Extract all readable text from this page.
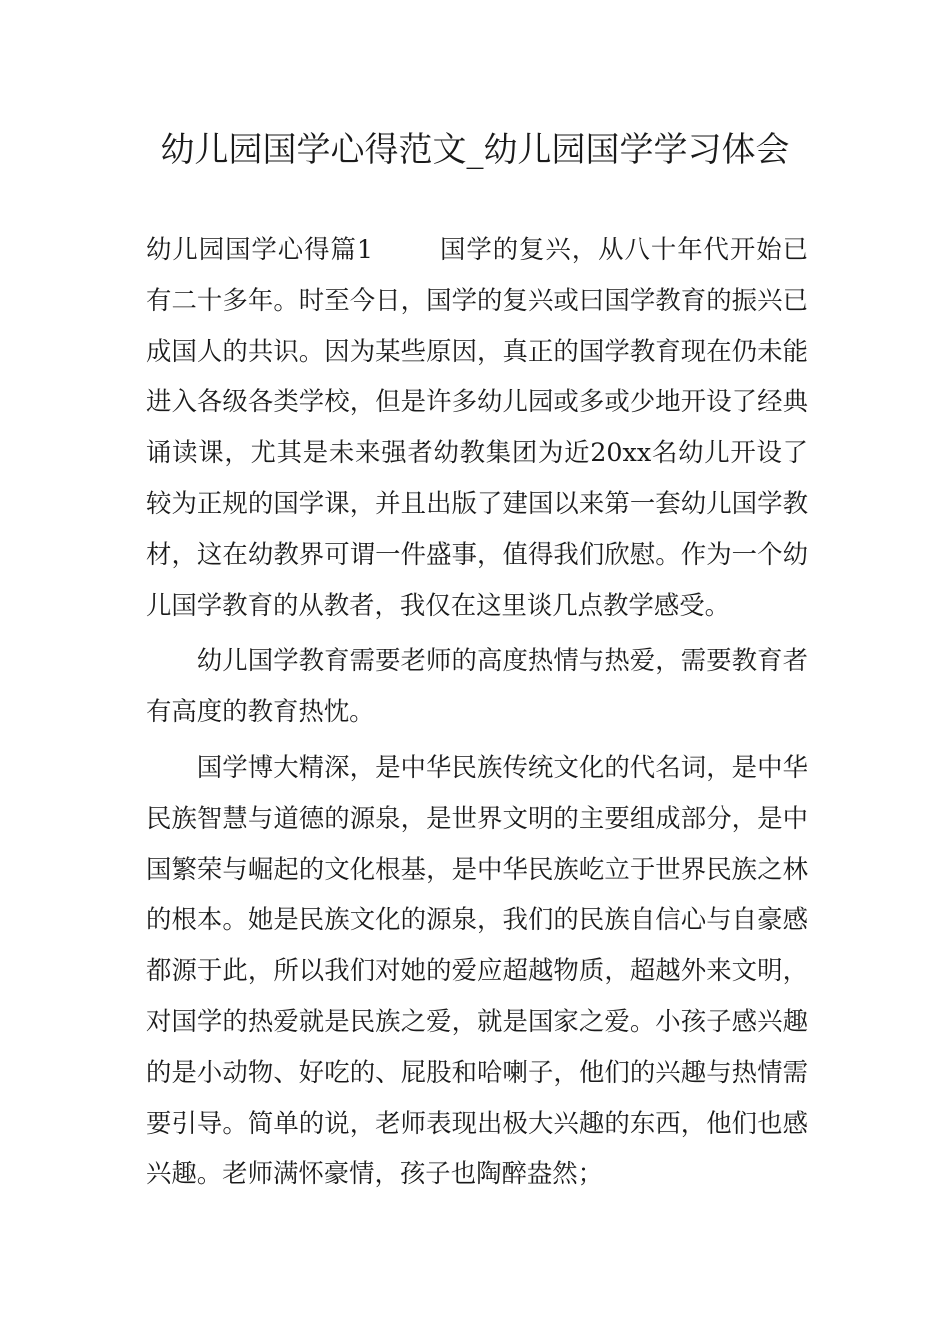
幼儿园国学心得范文_幼儿园国学学习体会

幼儿园国学心得篇1	国学的复兴，从八十年代开始已有二十多年。时至今日，国学的复兴或曰国学教育的振兴已成国人的共识。因为某些原因，真正的国学教育现在仍未能进入各级各类学校，但是许多幼儿园或多或少地开设了经典诵读课，尤其是未来强者幼教集团为近20xx名幼儿开设了较为正规的国学课，并且出版了建国以来第一套幼儿国学教材，这在幼教界可谓一件盛事，值得我们欣慰。作为一个幼儿国学教育的从教者，我仅在这里谈几点教学感受。

幼儿国学教育需要老师的高度热情与热爱，需要教育者有高度的教育热忱。

国学博大精深，是中华民族传统文化的代名词，是中华民族智慧与道德的源泉，是世界文明的主要组成部分，是中国繁荣与崛起的文化根基，是中华民族屹立于世界民族之林的根本。她是民族文化的源泉，我们的民族自信心与自豪感都源于此，所以我们对她的爱应超越物质，超越外来文明，对国学的热爱就是民族之爱，就是国家之爱。小孩子感兴趣的是小动物、好吃的、屁股和哈喇子，他们的兴趣与热情需要引导。简单的说，老师表现出极大兴趣的东西，他们也感兴趣。老师满怀豪情，孩子也陶醉盎然；
